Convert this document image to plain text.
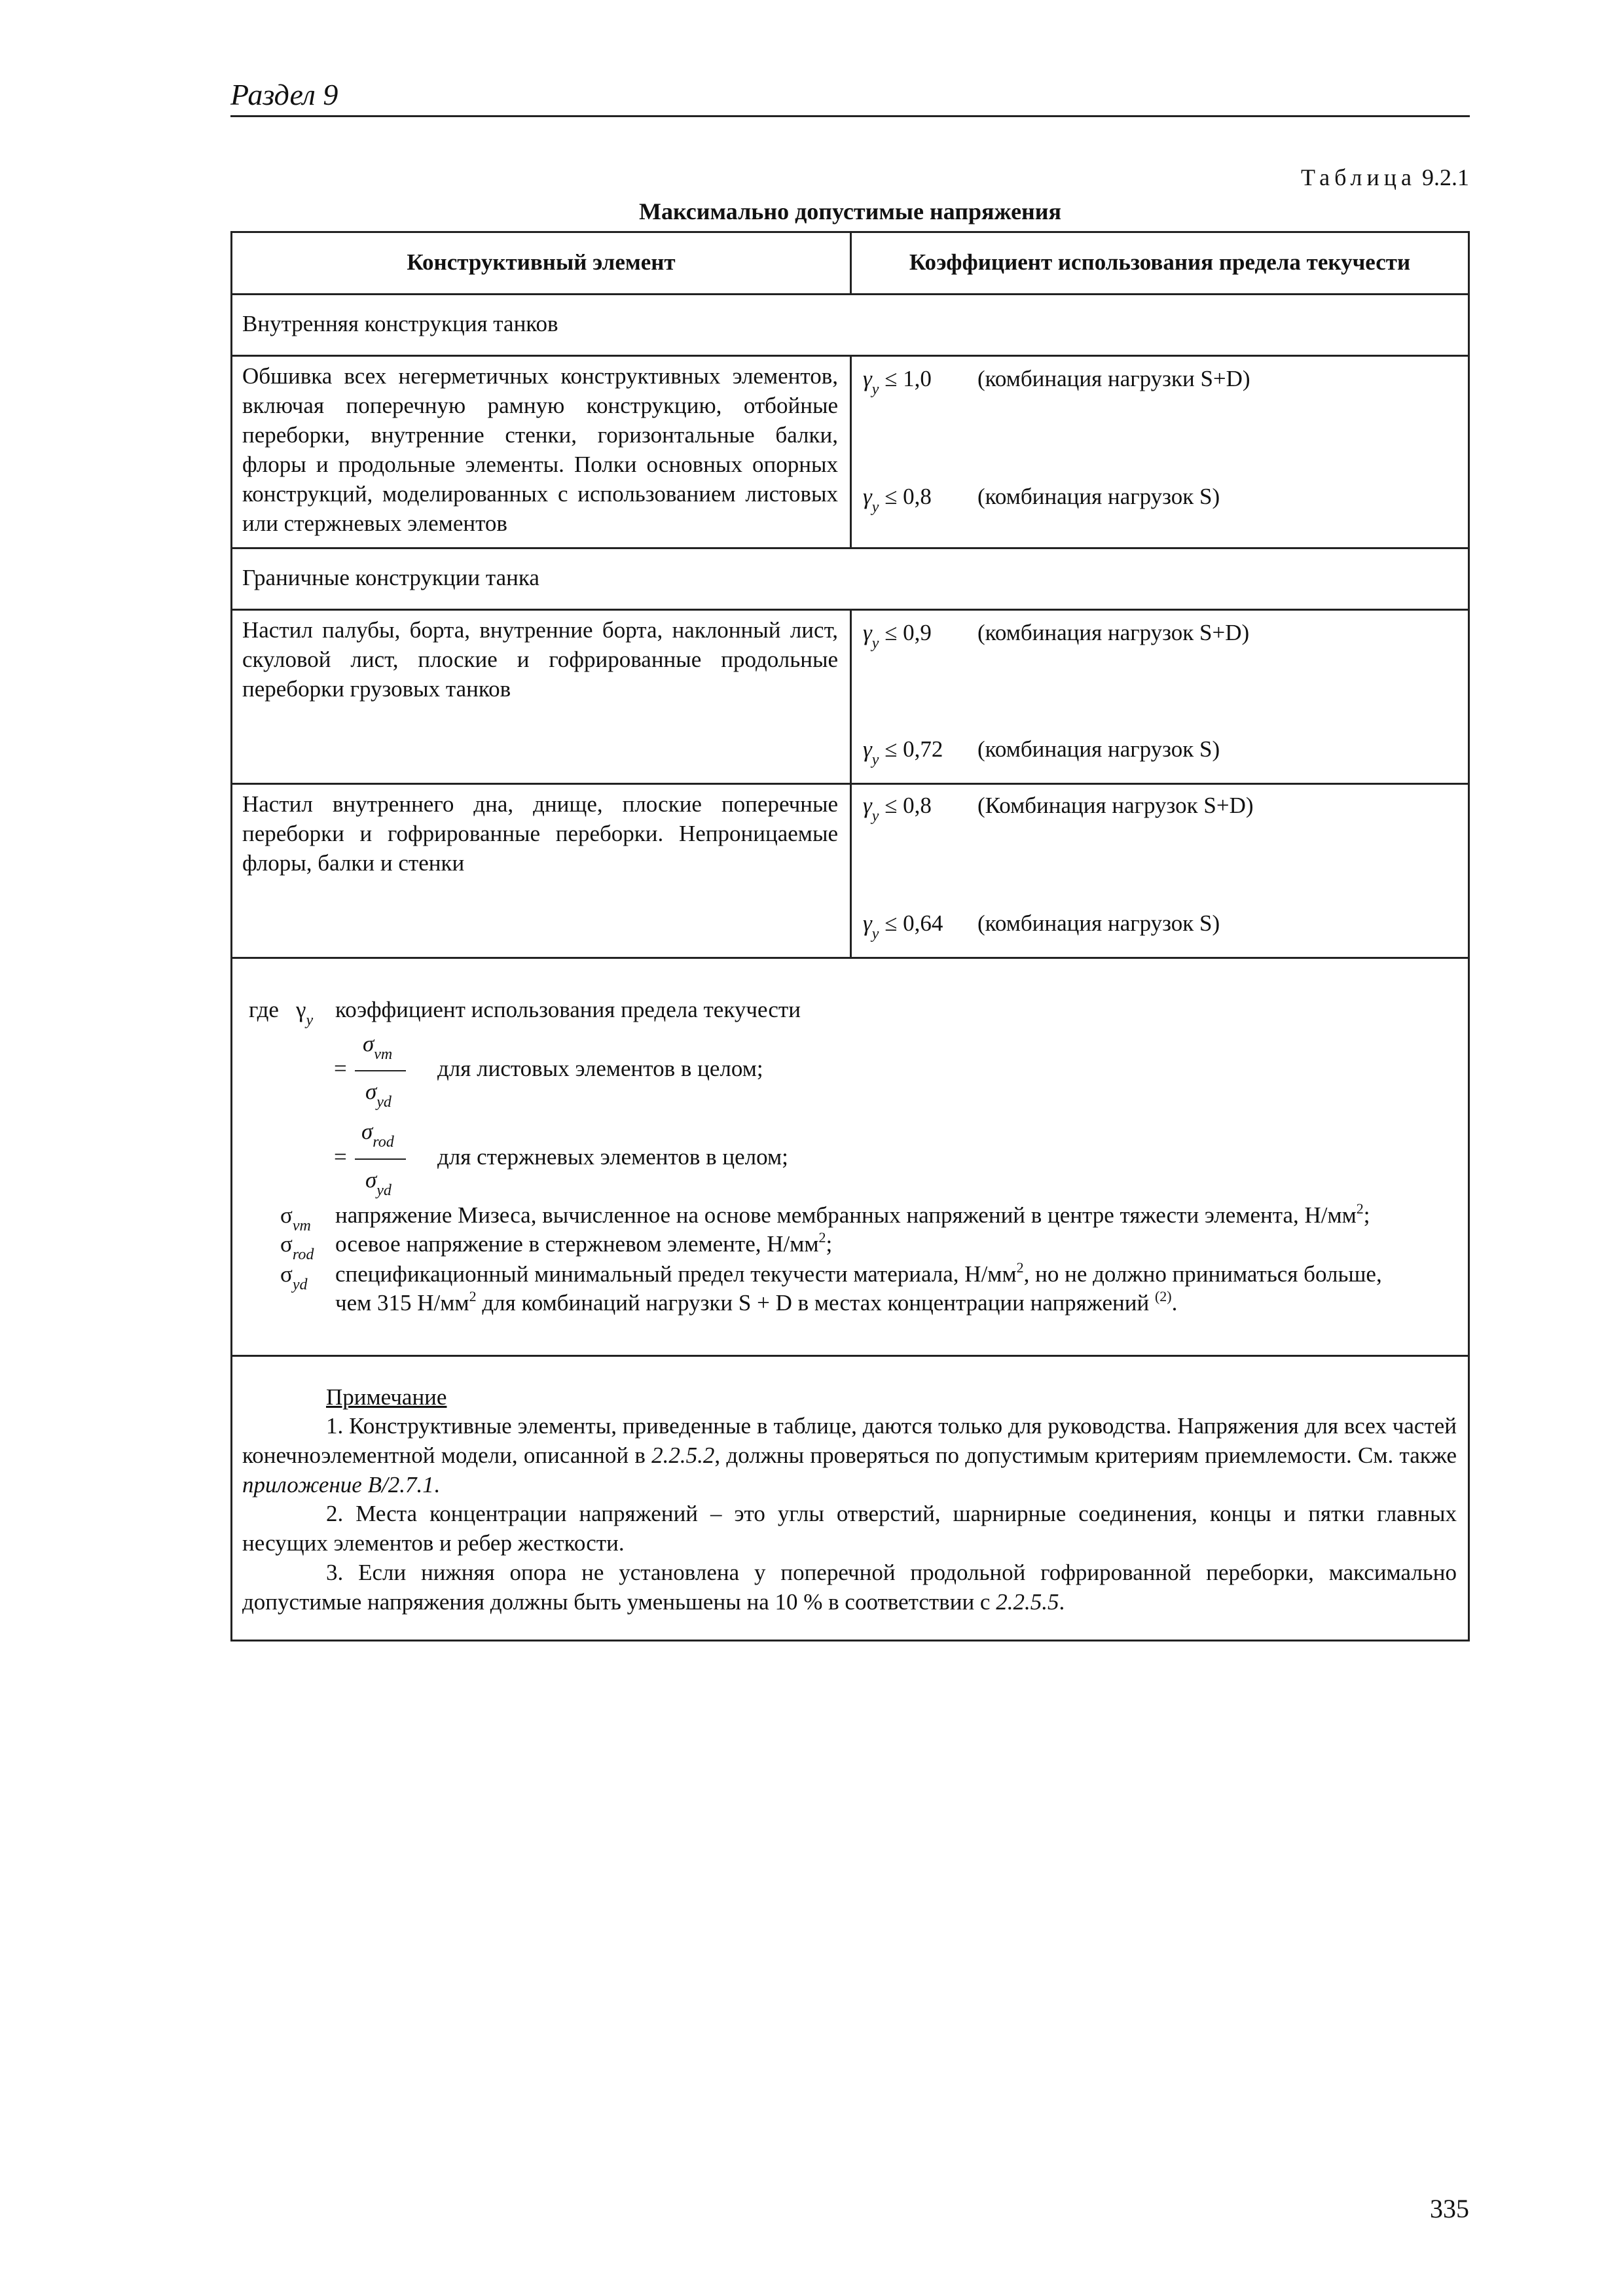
Раздел 9
Таблица 9.2.1
Максимально допустимые напряжения
Конструктивный элемент	Коэффициент использования предела текучести
Внутренняя конструкция танков
Обшивка всех негерметичных конструктивных элементов, включая поперечную рамную конструкцию, отбойные переборки, внутренние стенки, горизонтальные балки, флоры и продольные элементы. Полки основных опорных конструкций, моделированных с использованием листовых или стержневых элементов
$\gamma_y \le 1,0$ (комбинация нагрузки S+D)
$\gamma_y \le 0,8$ (комбинация нагрузок S)
Граничные конструкции танка
Настил палубы, борта, внутренние борта, наклонный лист, скуловой лист, плоские и гофрированные продольные переборки грузовых танков
$\gamma_y \le 0,9$ (комбинация нагрузок S+D)
$\gamma_y \le 0,72$ (комбинация нагрузок S)
Настил внутреннего дна, днище, плоские поперечные переборки и гофрированные переборки. Непроницаемые флоры, балки и стенки
$\gamma_y \le 0,8$ (Комбинация нагрузок S+D)
$\gamma_y \le 0,64$ (комбинация нагрузок S)
где $\gamma_y$ коэффициент использования предела текучести
=
$\sigma_{vm}$
$\sigma_{yd}$
для листовых элементов в целом;
=
$\sigma_{rod}$
$\sigma_{yd}$
для стержневых элементов в целом;
$\sigma_{vm}$ напряжение Мизеса, вычисленное на основе мембранных напряжений в центре тяжести элемента, $Н/мм^2$;
$\sigma_{rod}$ осевое напряжение в стержневом элементе, $Н/мм^2$;
$\sigma_{yd}$ спецификационный минимальный предел текучести материала, $Н/мм^2$, но не должно приниматься больше,
чем 315 $Н/мм^2$ для комбинаций нагрузки S + D в местах концентрации напряжений $^{(2)}$.
Примечание
1. Конструктивные элементы, приведенные в таблице, даются только для руководства. Напряжения для всех частей конечноэлементной модели, описанной в 2.2.5.2, должны проверяться по допустимым критериям приемлемости. См. также приложение B/2.7.1.
2. Места концентрации напряжений – это углы отверстий, шарнирные соединения, концы и пятки главных несущих элементов и ребер жесткости.
3. Если нижняя опора не установлена у поперечной продольной гофрированной переборки, максимально допустимые напряжения должны быть уменьшены на 10 % в соответствии с 2.2.5.5.
335
